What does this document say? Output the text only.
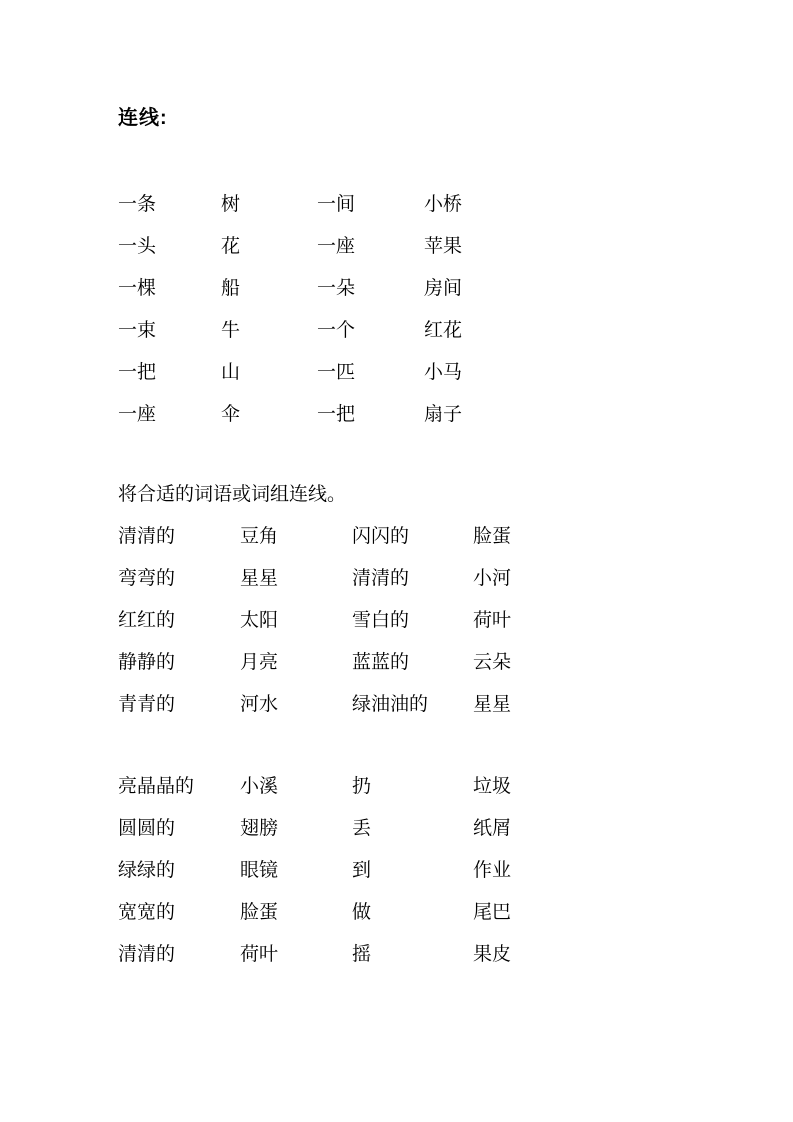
连线:
一条	树	一间	小桥
一头	花	一座	苹果
一棵	船	一朵	房间
一束	牛	一个	红花
一把	山	一匹	小马
一座	伞	一把	扇子

将合适的词语或词组连线。

清清的	豆角	闪闪的	脸蛋
弯弯的	星星	清清的	小河
红红的	太阳	雪白的	荷叶
静静的	月亮	蓝蓝的	云朵
青青的	河水	绿油油的	星星
亮晶晶的	小溪	扔	垃圾
圆圆的	翅膀	丢	纸屑
绿绿的	眼镜	到	作业
宽宽的	脸蛋	做	尾巴
清清的	荷叶	摇	果皮
